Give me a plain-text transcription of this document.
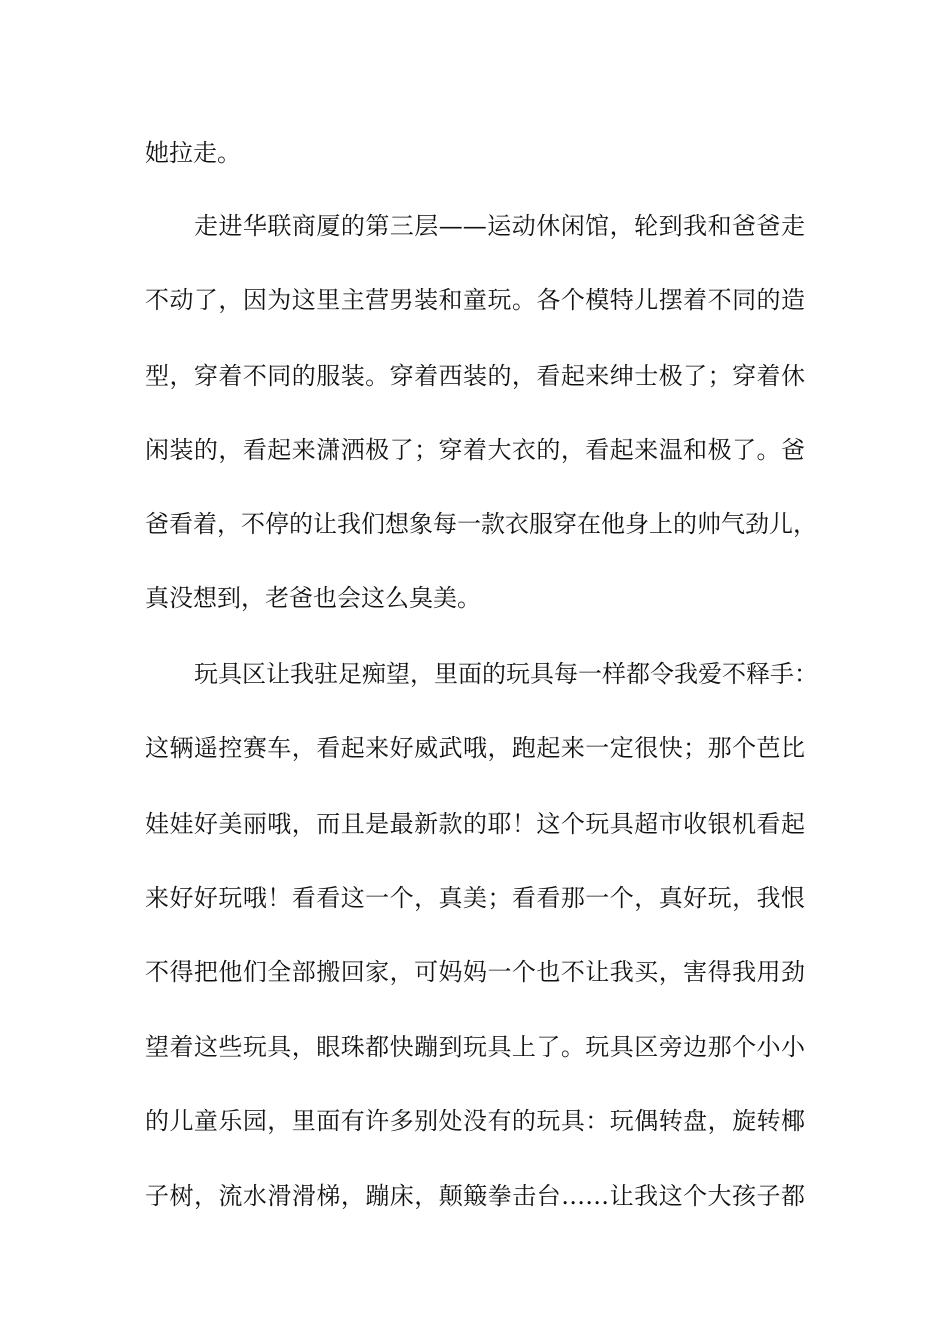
她拉走。
走进华联商厦的第三层——运动休闲馆，轮到我和爸爸走
不动了，因为这里主营男装和童玩。各个模特儿摆着不同的造
型，穿着不同的服装。穿着西装的，看起来绅士极了；穿着休
闲装的，看起来潇洒极了；穿着大衣的，看起来温和极了。爸
爸看着，不停的让我们想象每一款衣服穿在他身上的帅气劲儿，
真没想到，老爸也会这么臭美。
玩具区让我驻足痴望，里面的玩具每一样都令我爱不释手：
这辆遥控赛车，看起来好威武哦，跑起来一定很快；那个芭比
娃娃好美丽哦，而且是最新款的耶！这个玩具超市收银机看起
来好好玩哦！看看这一个，真美；看看那一个，真好玩，我恨
不得把他们全部搬回家，可妈妈一个也不让我买，害得我用劲
望着这些玩具，眼珠都快蹦到玩具上了。玩具区旁边那个小小
的儿童乐园，里面有许多别处没有的玩具：玩偶转盘，旋转椰
子树，流水滑滑梯，蹦床，颠簸拳击台……让我这个大孩子都
